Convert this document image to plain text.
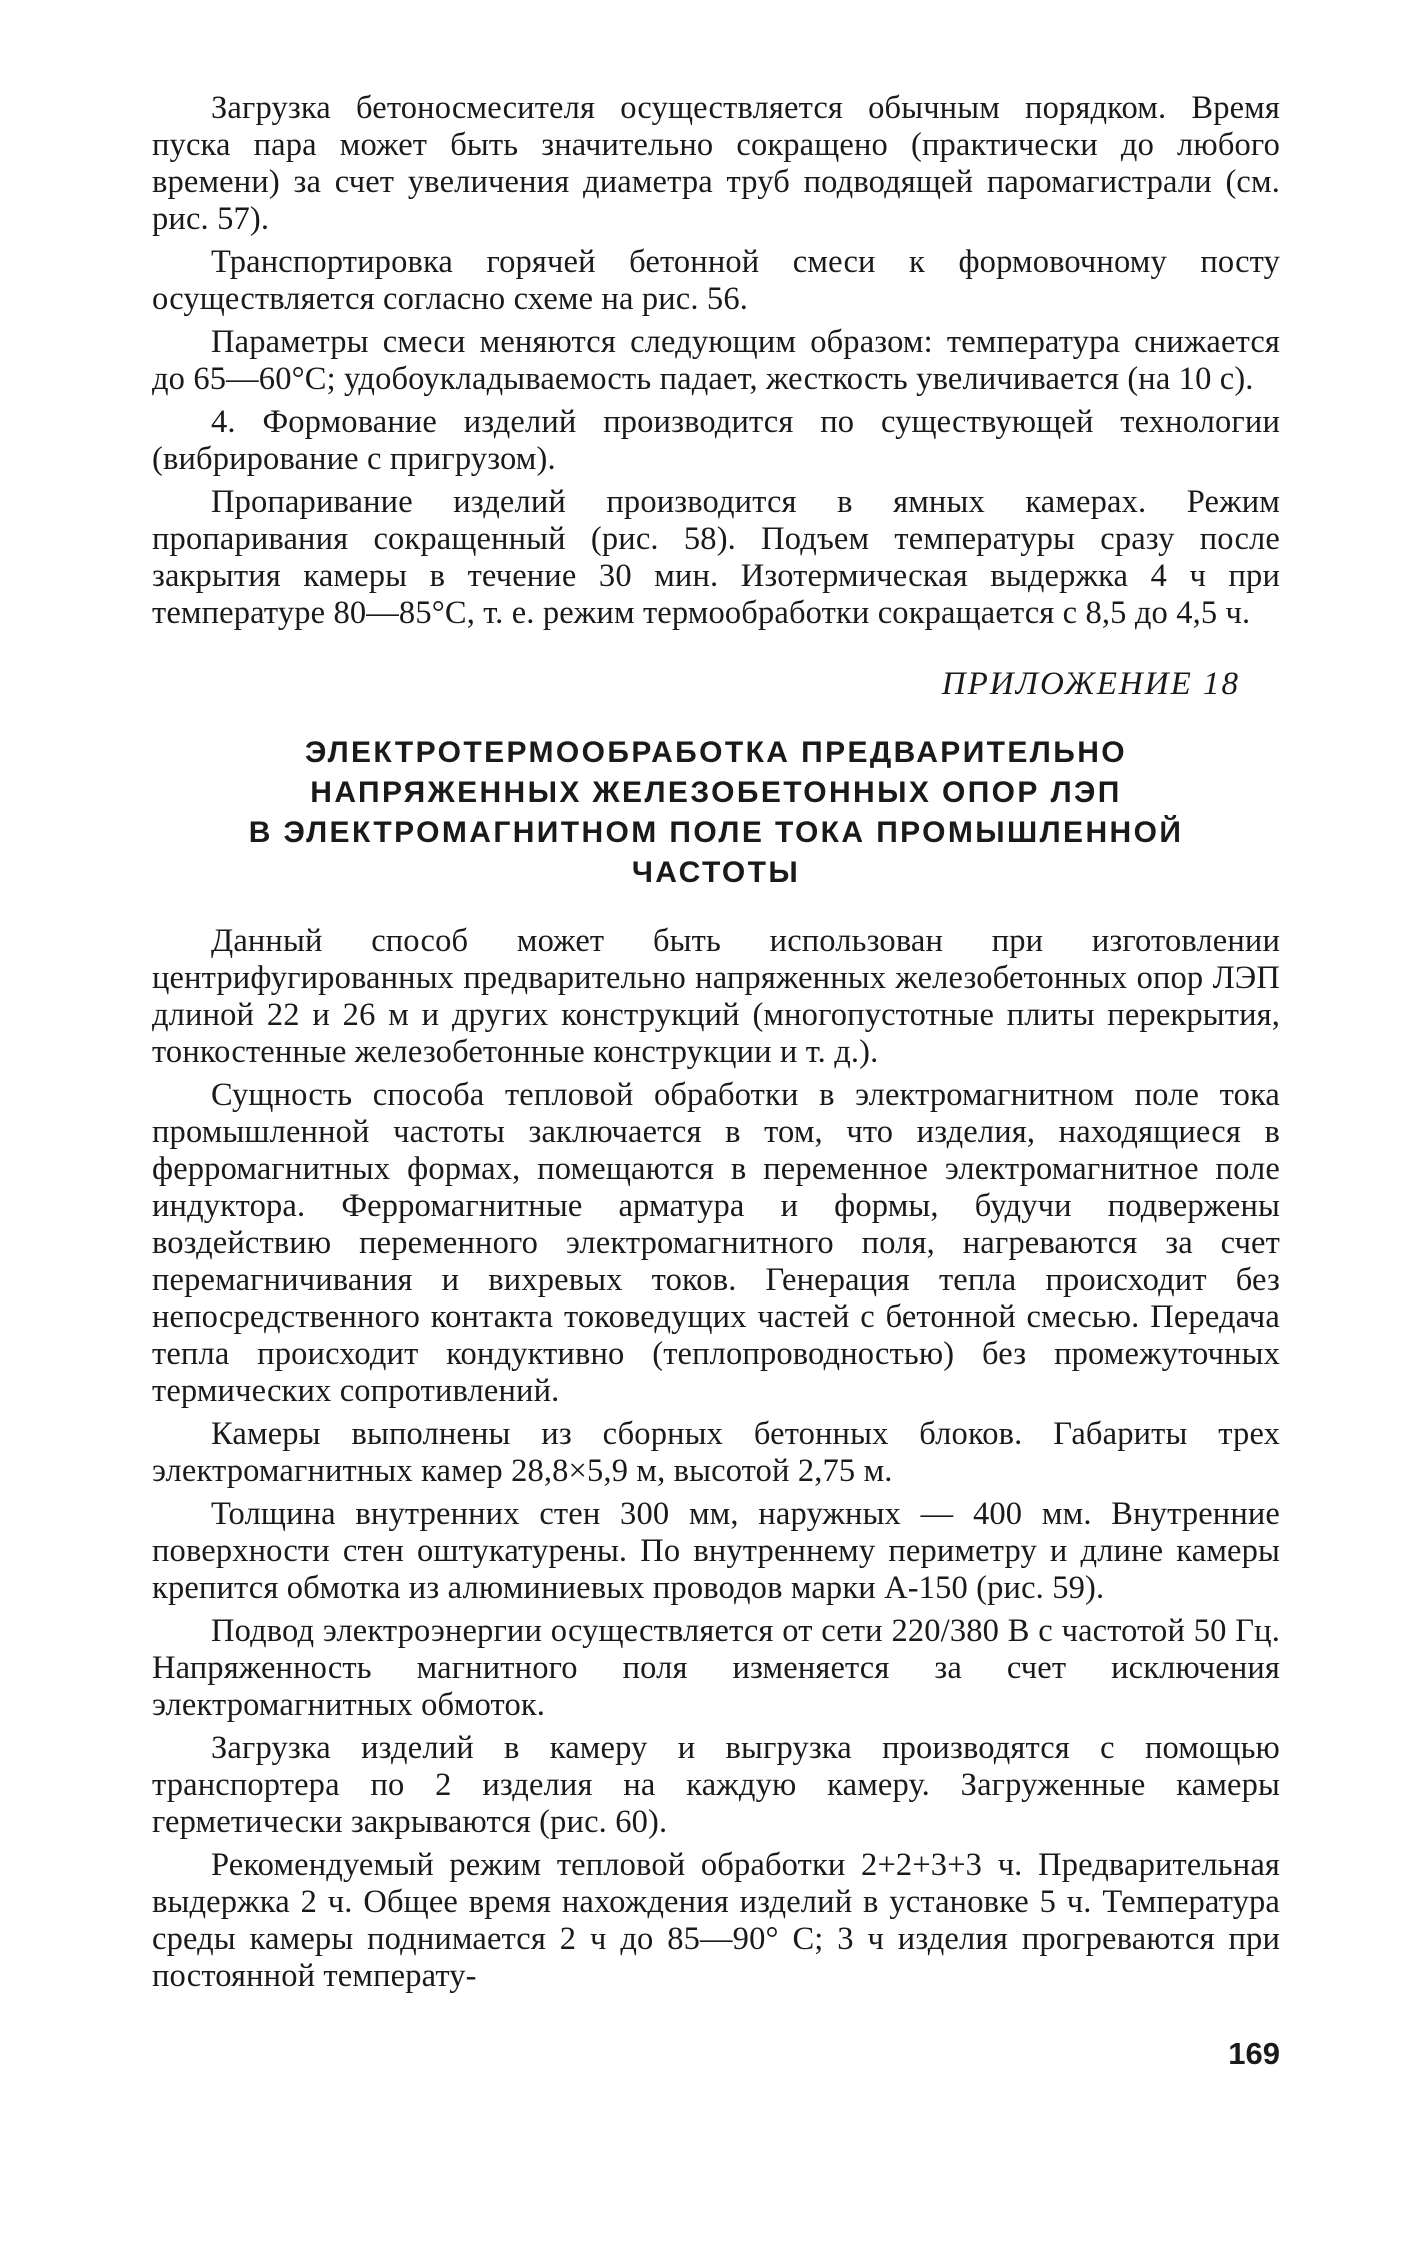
Загрузка бетоносмесителя осуществляется обычным порядком. Время пуска пара может быть значительно сокращено (практически до любого времени) за счет увеличения диаметра труб подводящей паромагистрали (см. рис. 57).

Транспортировка горячей бетонной смеси к формовочному посту осуществляется согласно схеме на рис. 56.

Параметры смеси меняются следующим образом: температура снижается до 65—60°С; удобоукладываемость падает, жесткость увеличивается (на 10 с).

4. Формование изделий производится по существующей технологии (вибрирование с пригрузом).

Пропаривание изделий производится в ямных камерах. Режим пропаривания сокращенный (рис. 58). Подъем температуры сразу после закрытия камеры в течение 30 мин. Изотермическая выдержка 4 ч при температуре 80—85°С, т. е. режим термообработки сокращается с 8,5 до 4,5 ч.

ПРИЛОЖЕНИЕ 18
ЭЛЕКТРОТЕРМООБРАБОТКА ПРЕДВАРИТЕЛЬНО
НАПРЯЖЕННЫХ ЖЕЛЕЗОБЕТОННЫХ ОПОР ЛЭП
В ЭЛЕКТРОМАГНИТНОМ ПОЛЕ ТОКА ПРОМЫШЛЕННОЙ
ЧАСТОТЫ

Данный способ может быть использован при изготовлении центрифугированных предварительно напряженных железобетонных опор ЛЭП длиной 22 и 26 м и других конструкций (многопустотные плиты перекрытия, тонкостенные железобетонные конструкции и т. д.).

Сущность способа тепловой обработки в электромагнитном поле тока промышленной частоты заключается в том, что изделия, находящиеся в ферромагнитных формах, помещаются в переменное электромагнитное поле индуктора. Ферромагнитные арматура и формы, будучи подвержены воздействию переменного электромагнитного поля, нагреваются за счет перемагничивания и вихревых токов. Генерация тепла происходит без непосредственного контакта токоведущих частей с бетонной смесью. Передача тепла происходит кондуктивно (теплопроводностью) без промежуточных термических сопротивлений.

Камеры выполнены из сборных бетонных блоков. Габариты трех электромагнитных камер 28,8×5,9 м, высотой 2,75 м.

Толщина внутренних стен 300 мм, наружных — 400 мм. Внутренние поверхности стен оштукатурены. По внутреннему периметру и длине камеры крепится обмотка из алюминиевых проводов марки А-150 (рис. 59).

Подвод электроэнергии осуществляется от сети 220/380 В с частотой 50 Гц. Напряженность магнитного поля изменяется за счет исключения электромагнитных обмоток.

Загрузка изделий в камеру и выгрузка производятся с помощью транспортера по 2 изделия на каждую камеру. Загруженные камеры герметически закрываются (рис. 60).

Рекомендуемый режим тепловой обработки 2+2+3+3 ч. Предварительная выдержка 2 ч. Общее время нахождения изделий в установке 5 ч. Температура среды камеры поднимается 2 ч до 85—90° С; 3 ч изделия прогреваются при постоянной температу-

169
